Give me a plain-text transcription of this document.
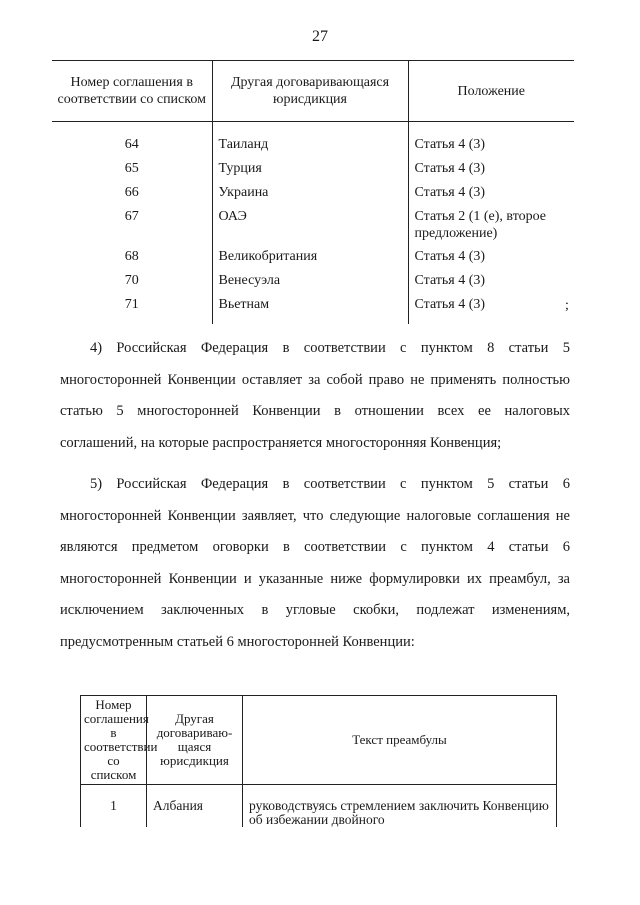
27
Номер соглашения в соответствии со списком	Другая договаривающаяся юрисдикция	Положение
64	Таиланд	Статья 4 (3)
65	Турция	Статья 4 (3)
66	Украина	Статья 4 (3)
67	ОАЭ	Статья 2 (1 (е), второе предложение)
68	Великобритания	Статья 4 (3)
70	Венесуэла	Статья 4 (3)
71	Вьетнам	Статья 4 (3)	;

4) Российская Федерация в соответствии с пунктом 8 статьи 5 многосторонней Конвенции оставляет за собой право не применять полностью статью 5 многосторонней Конвенции в отношении всех ее налоговых соглашений, на которые распространяется многосторонняя Конвенция;

5) Российская Федерация в соответствии с пунктом 5 статьи 6 многосторонней Конвенции заявляет, что следующие налоговые соглашения не являются предметом оговорки в соответствии с пунктом 4 статьи 6 многосторонней Конвенции и указанные ниже формулировки их преамбул, за исключением заключенных в угловые скобки, подлежат изменениям, предусмотренным статьей 6 многосторонней Конвенции:

Номер соглашения в соответствии со списком	Другая договариваю-щаяся юрисдикция	Текст преамбулы
1	Албания	руководствуясь стремлением заключить Конвенцию об избежании двойного
